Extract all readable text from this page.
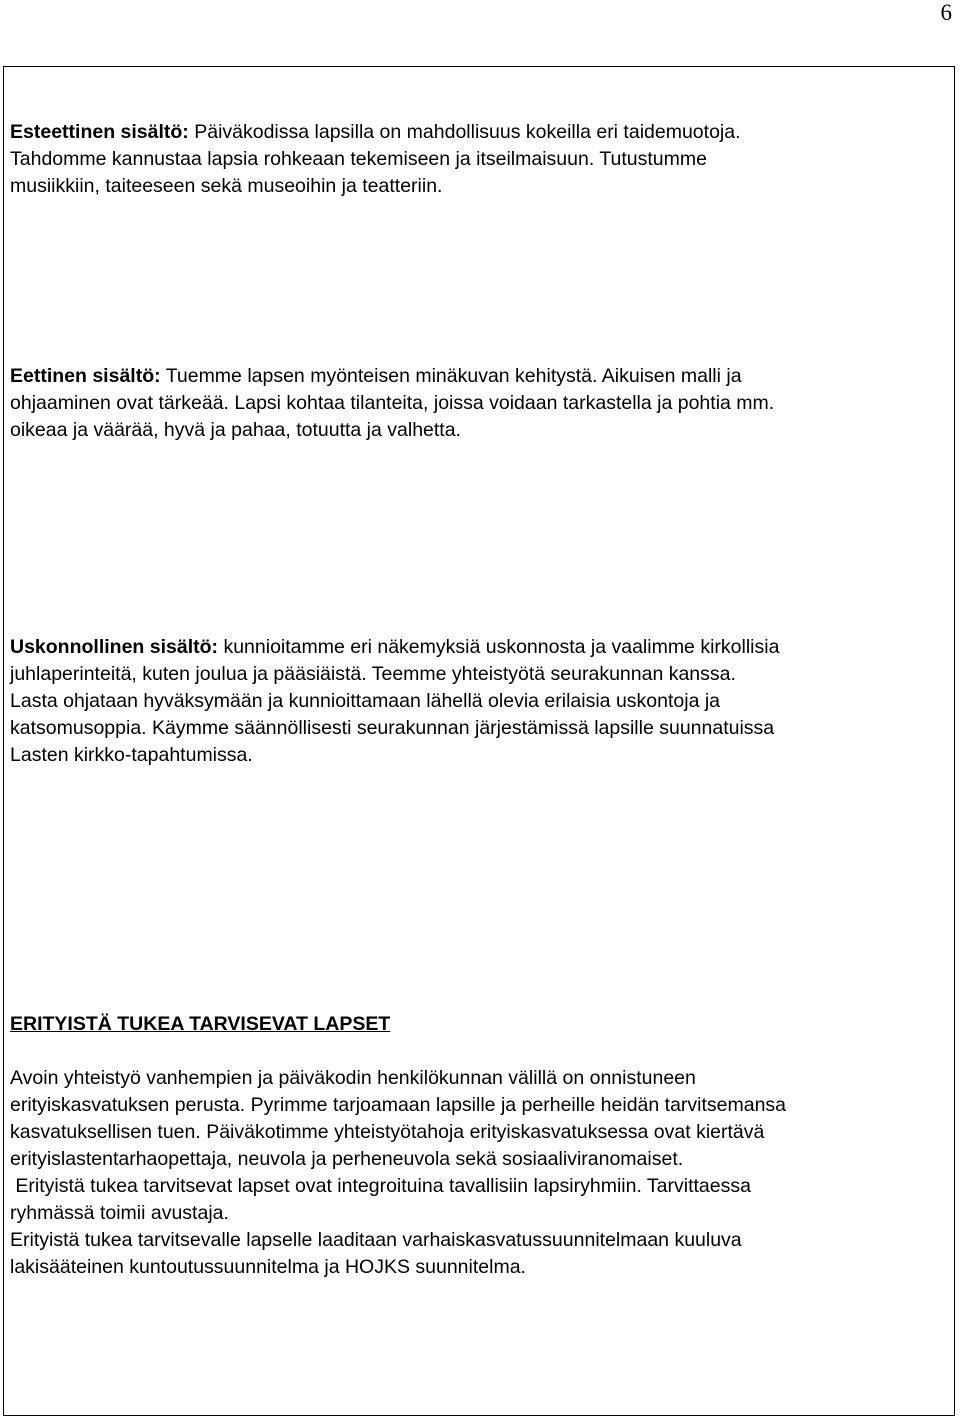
6

Esteettinen sisältö: Päiväkodissa lapsilla on mahdollisuus kokeilla eri taidemuotoja.

Tahdomme kannustaa lapsia rohkeaan tekemiseen ja itseilmaisuun. Tutustumme

musiikkiin, taiteeseen sekä museoihin ja teatteriin.

Eettinen sisältö: Tuemme lapsen myönteisen minäkuvan kehitystä. Aikuisen malli ja

ohjaaminen ovat tärkeää. Lapsi kohtaa tilanteita, joissa voidaan tarkastella ja pohtia mm.

oikeaa ja väärää, hyvä ja pahaa, totuutta ja valhetta.

Uskonnollinen sisältö: kunnioitamme eri näkemyksiä uskonnosta ja vaalimme kirkollisia

juhlaperinteitä, kuten joulua ja pääsiäistä. Teemme yhteistyötä seurakunnan kanssa.

Lasta ohjataan hyväksymään ja kunnioittamaan lähellä olevia erilaisia uskontoja ja

katsomusoppia. Käymme säännöllisesti seurakunnan järjestämissä lapsille suunnatuissa

Lasten kirkko-tapahtumissa.

ERITYISTÄ TUKEA TARVISEVAT LAPSET

Avoin yhteistyö vanhempien ja päiväkodin henkilökunnan välillä on onnistuneen

erityiskasvatuksen perusta. Pyrimme tarjoamaan lapsille ja perheille heidän tarvitsemansa

kasvatuksellisen tuen. Päiväkotimme yhteistyötahoja erityiskasvatuksessa ovat kiertävä

erityislastentarhaopettaja, neuvola ja perheneuvola sekä sosiaaliviranomaiset.

Erityistä tukea tarvitsevat lapset ovat integroituina tavallisiin lapsiryhmiin. Tarvittaessa

ryhmässä toimii avustaja.

Erityistä tukea tarvitsevalle lapselle laaditaan varhaiskasvatussuunnitelmaan kuuluva

lakisääteinen kuntoutussuunnitelma ja HOJKS suunnitelma.
